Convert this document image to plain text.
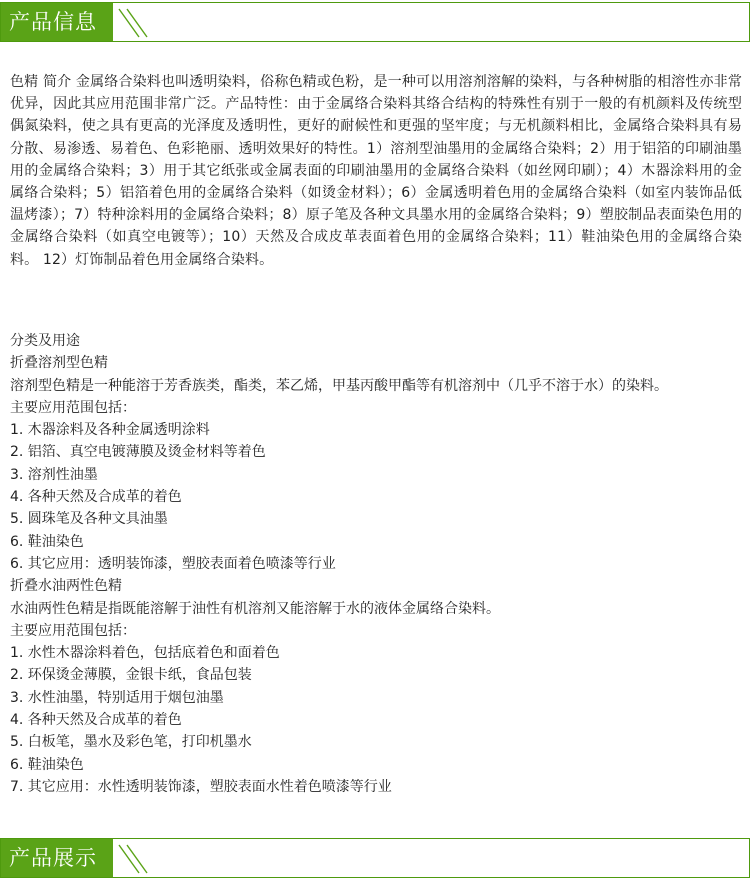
产品信息

色精 简介 金属络合染料也叫透明染料，俗称色精或色粉，是一种可以用溶剂溶解的染料，与各种树脂的相溶性亦非常优异，因此其应用范围非常广泛。产品特性：由于金属络合染料其络合结构的特殊性有别于一般的有机颜料及传统型偶氮染料，使之具有更高的光泽度及透明性，更好的耐候性和更强的坚牢度；与无机颜料相比，金属络合染料具有易分散、易渗透、易着色、色彩艳丽、透明效果好的特性。1）溶剂型油墨用的金属络合染料；2）用于铝箔的印刷油墨用的金属络合染料；3）用于其它纸张或金属表面的印刷油墨用的金属络合染料（如丝网印刷）；4）木器涂料用的金属络合染料；5）铝箔着色用的金属络合染料（如烫金材料）；6）金属透明着色用的金属络合染料（如室内装饰品低温烤漆）；7）特种涂料用的金属络合染料；8）原子笔及各种文具墨水用的金属络合染料；9）塑胶制品表面染色用的金属络合染料（如真空电镀等）；10）天然及合成皮革表面着色用的金属络合染料；11）鞋油染色用的金属络合染料。 12）灯饰制品着色用金属络合染料。

分类及用途
折叠溶剂型色精
溶剂型色精是一种能溶于芳香族类，酯类，苯乙烯，甲基丙酸甲酯等有机溶剂中（几乎不溶于水）的染料。
主要应用范围包括：
1. 木器涂料及各种金属透明涂料
2. 铝箔、真空电镀薄膜及烫金材料等着色
3. 溶剂性油墨
4. 各种天然及合成革的着色
5. 圆珠笔及各种文具油墨
6. 鞋油染色
6. 其它应用：透明装饰漆，塑胶表面着色喷漆等行业
折叠水油两性色精
水油两性色精是指既能溶解于油性有机溶剂又能溶解于水的液体金属络合染料。
主要应用范围包括：
1. 水性木器涂料着色，包括底着色和面着色
2. 环保烫金薄膜，金银卡纸，食品包装
3. 水性油墨，特别适用于烟包油墨
4. 各种天然及合成革的着色
5. 白板笔，墨水及彩色笔，打印机墨水
6. 鞋油染色
7. 其它应用：水性透明装饰漆，塑胶表面水性着色喷漆等行业
产品展示
